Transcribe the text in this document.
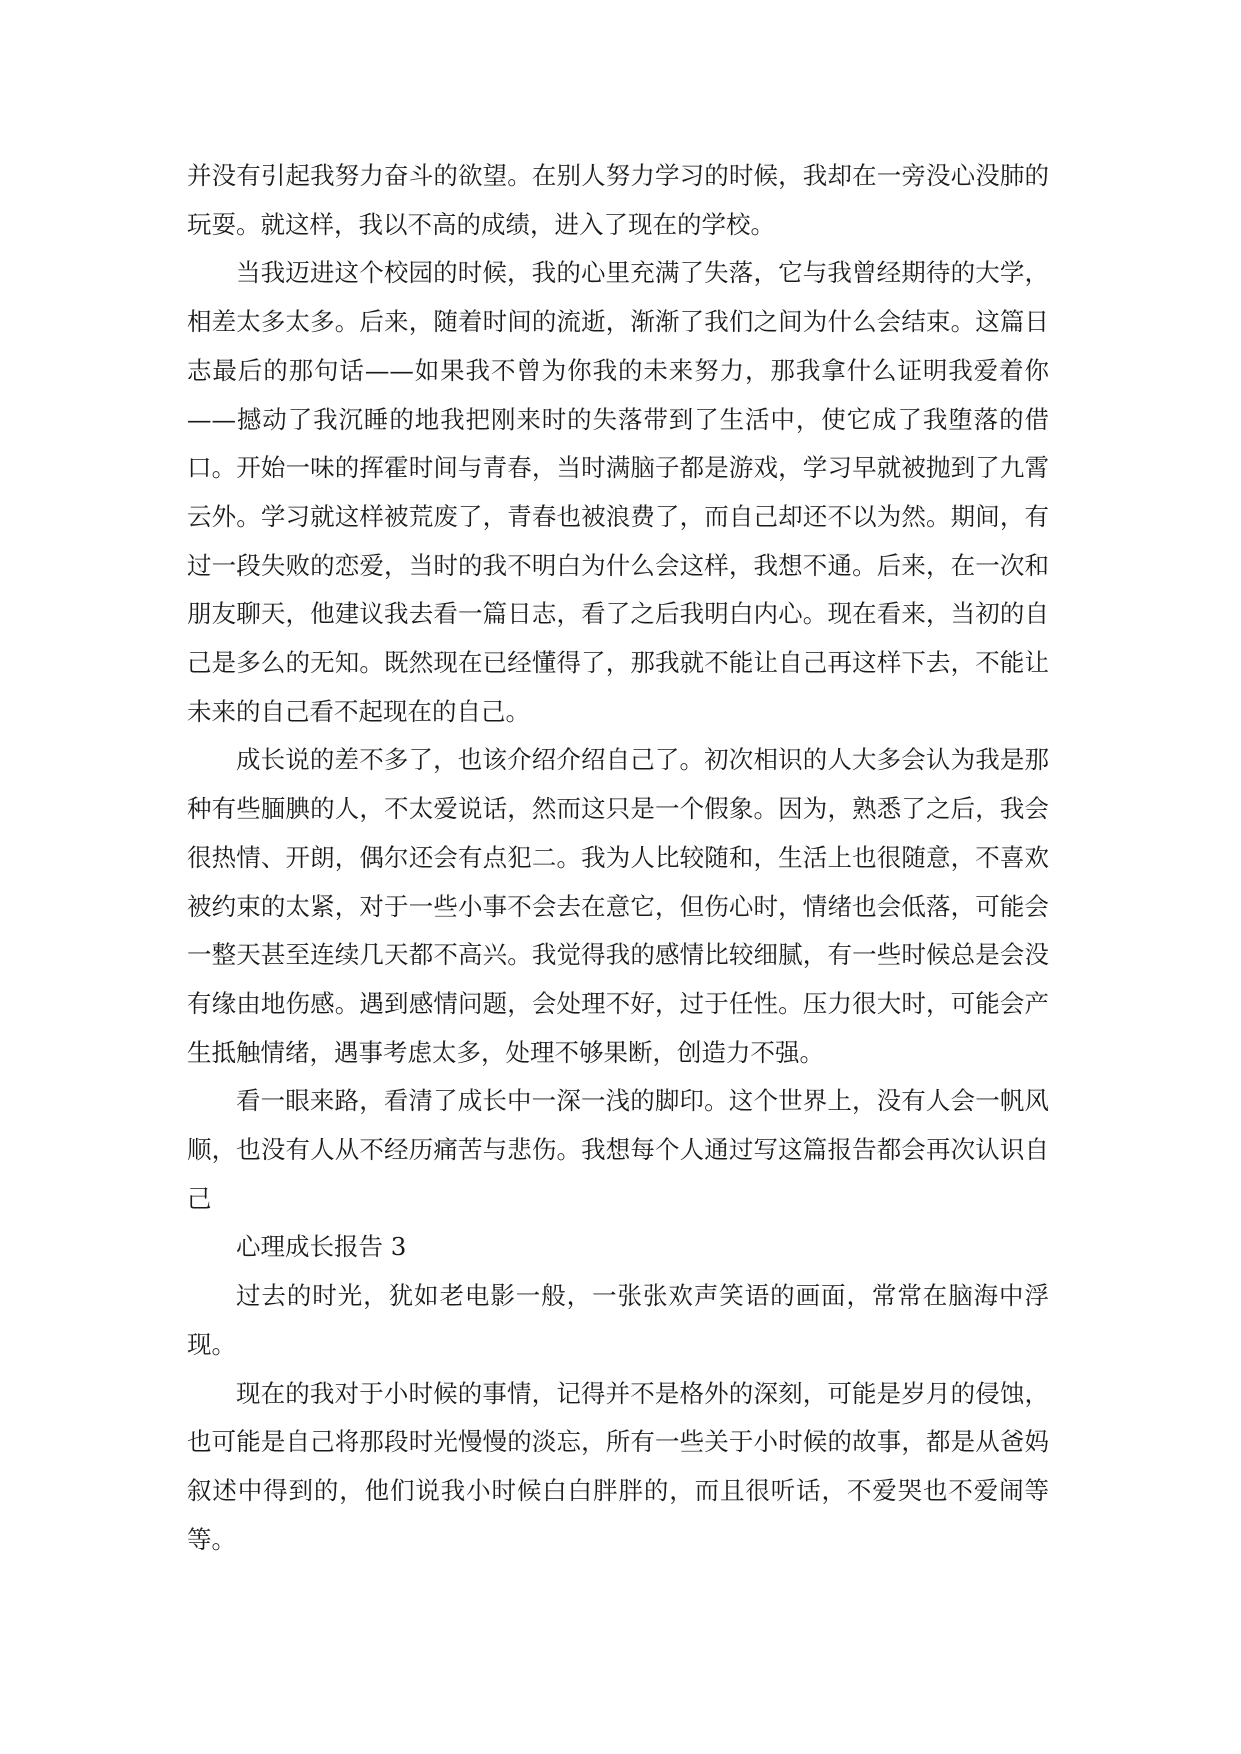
并没有引起我努力奋斗的欲望。在别人努力学习的时候，我却在一旁没心没肺的玩耍。就这样，我以不高的成绩，进入了现在的学校。

当我迈进这个校园的时候，我的心里充满了失落，它与我曾经期待的大学，相差太多太多。后来，随着时间的流逝，渐渐了我们之间为什么会结束。这篇日志最后的那句话——如果我不曾为你我的未来努力，那我拿什么证明我爱着你——撼动了我沉睡的地我把刚来时的失落带到了生活中，使它成了我堕落的借口。开始一味的挥霍时间与青春，当时满脑子都是游戏，学习早就被抛到了九霄云外。学习就这样被荒废了，青春也被浪费了，而自己却还不以为然。期间，有过一段失败的恋爱，当时的我不明白为什么会这样，我想不通。后来，在一次和朋友聊天，他建议我去看一篇日志，看了之后我明白内心。现在看来，当初的自己是多么的无知。既然现在已经懂得了，那我就不能让自己再这样下去，不能让未来的自己看不起现在的自己。

成长说的差不多了，也该介绍介绍自己了。初次相识的人大多会认为我是那种有些腼腆的人，不太爱说话，然而这只是一个假象。因为，熟悉了之后，我会很热情、开朗，偶尔还会有点犯二。我为人比较随和，生活上也很随意，不喜欢被约束的太紧，对于一些小事不会去在意它，但伤心时，情绪也会低落，可能会一整天甚至连续几天都不高兴。我觉得我的感情比较细腻，有一些时候总是会没有缘由地伤感。遇到感情问题，会处理不好，过于任性。压力很大时，可能会产生抵触情绪，遇事考虑太多，处理不够果断，创造力不强。

看一眼来路，看清了成长中一深一浅的脚印。这个世界上，没有人会一帆风顺，也没有人从不经历痛苦与悲伤。我想每个人通过写这篇报告都会再次认识自己

心理成长报告 3

过去的时光，犹如老电影一般，一张张欢声笑语的画面，常常在脑海中浮现。

现在的我对于小时候的事情，记得并不是格外的深刻，可能是岁月的侵蚀，也可能是自己将那段时光慢慢的淡忘，所有一些关于小时候的故事，都是从爸妈叙述中得到的，他们说我小时候白白胖胖的，而且很听话，不爱哭也不爱闹等等。
